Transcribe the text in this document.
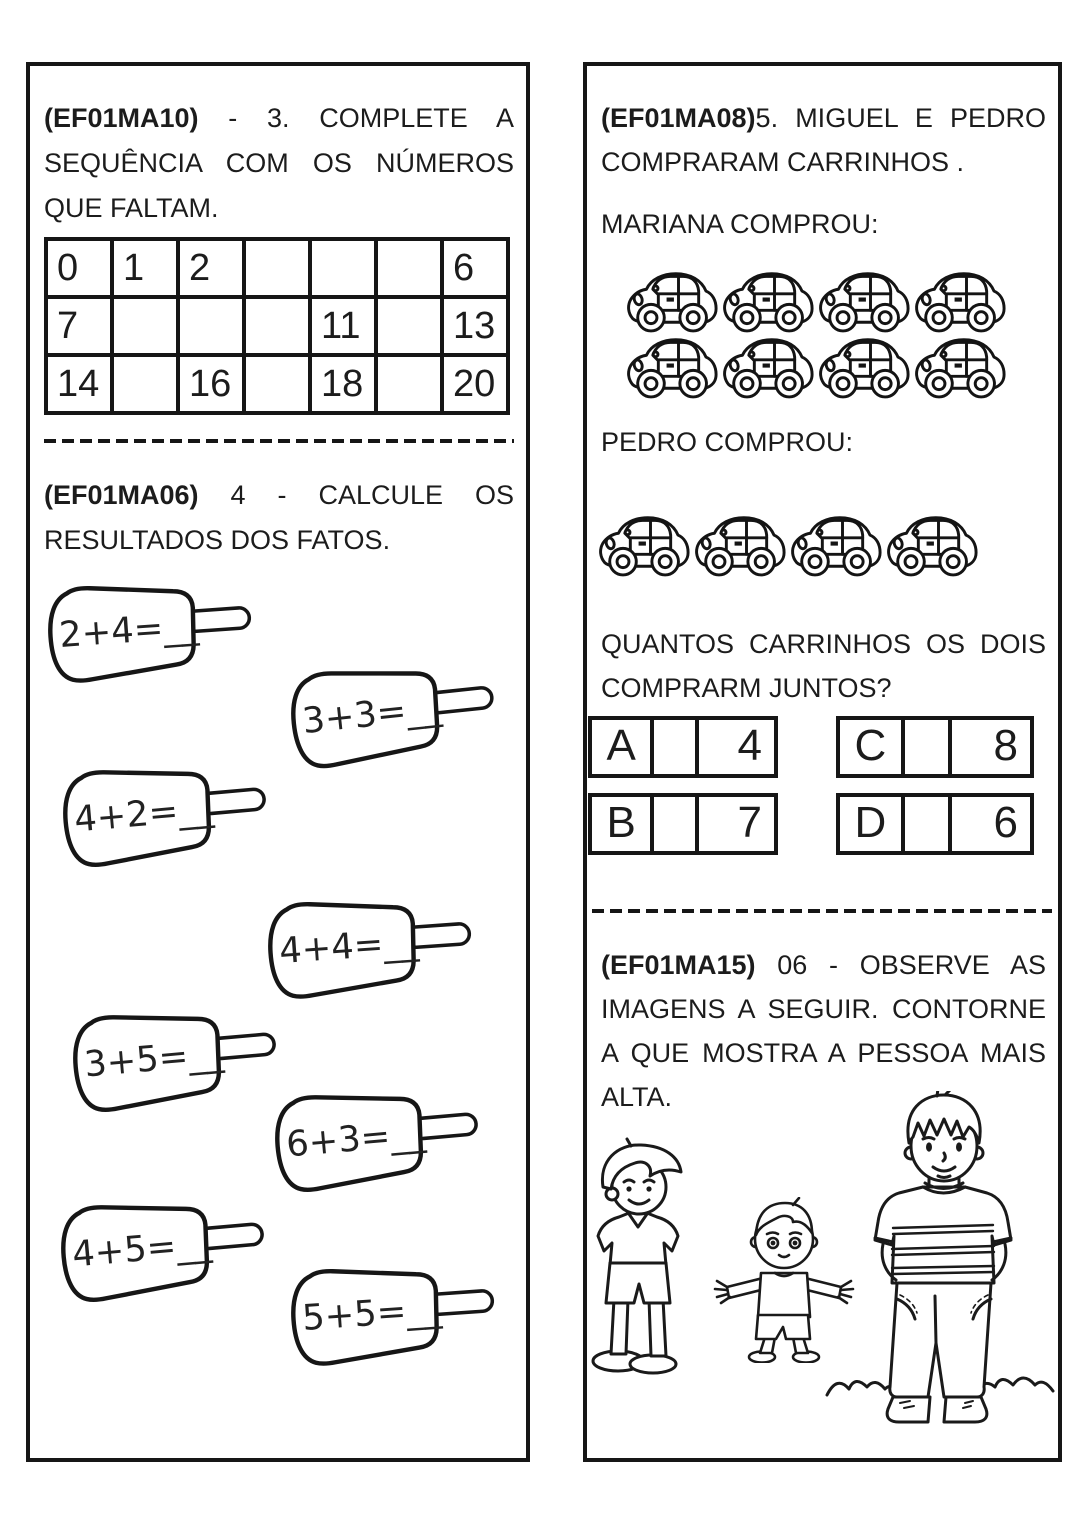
(EF01MA10) - 3. COMPLETE A SEQUÊNCIA COM OS NÚMEROS QUE FALTAM.

0	1	2				6
7				11		13
14		16		18		20

(EF01MA06) 4 - CALCULE OS RESULTADOS DOS FATOS.

2+4=__
3+3=__
4+2=__
4+4=__
3+5=__
6+3=__
4+5=__
5+5=__

(EF01MA08)5. MIGUEL E PEDRO COMPRARAM CARRINHOS .

MARIANA COMPROU:

PEDRO COMPROU:

QUANTOS CARRINHOS OS DOIS COMPRARM JUNTOS?

A	4	C	8
B	7	D	6

(EF01MA15) 06 - OBSERVE AS IMAGENS A SEGUIR. CONTORNE A QUE MOSTRA A PESSOA MAIS ALTA.
